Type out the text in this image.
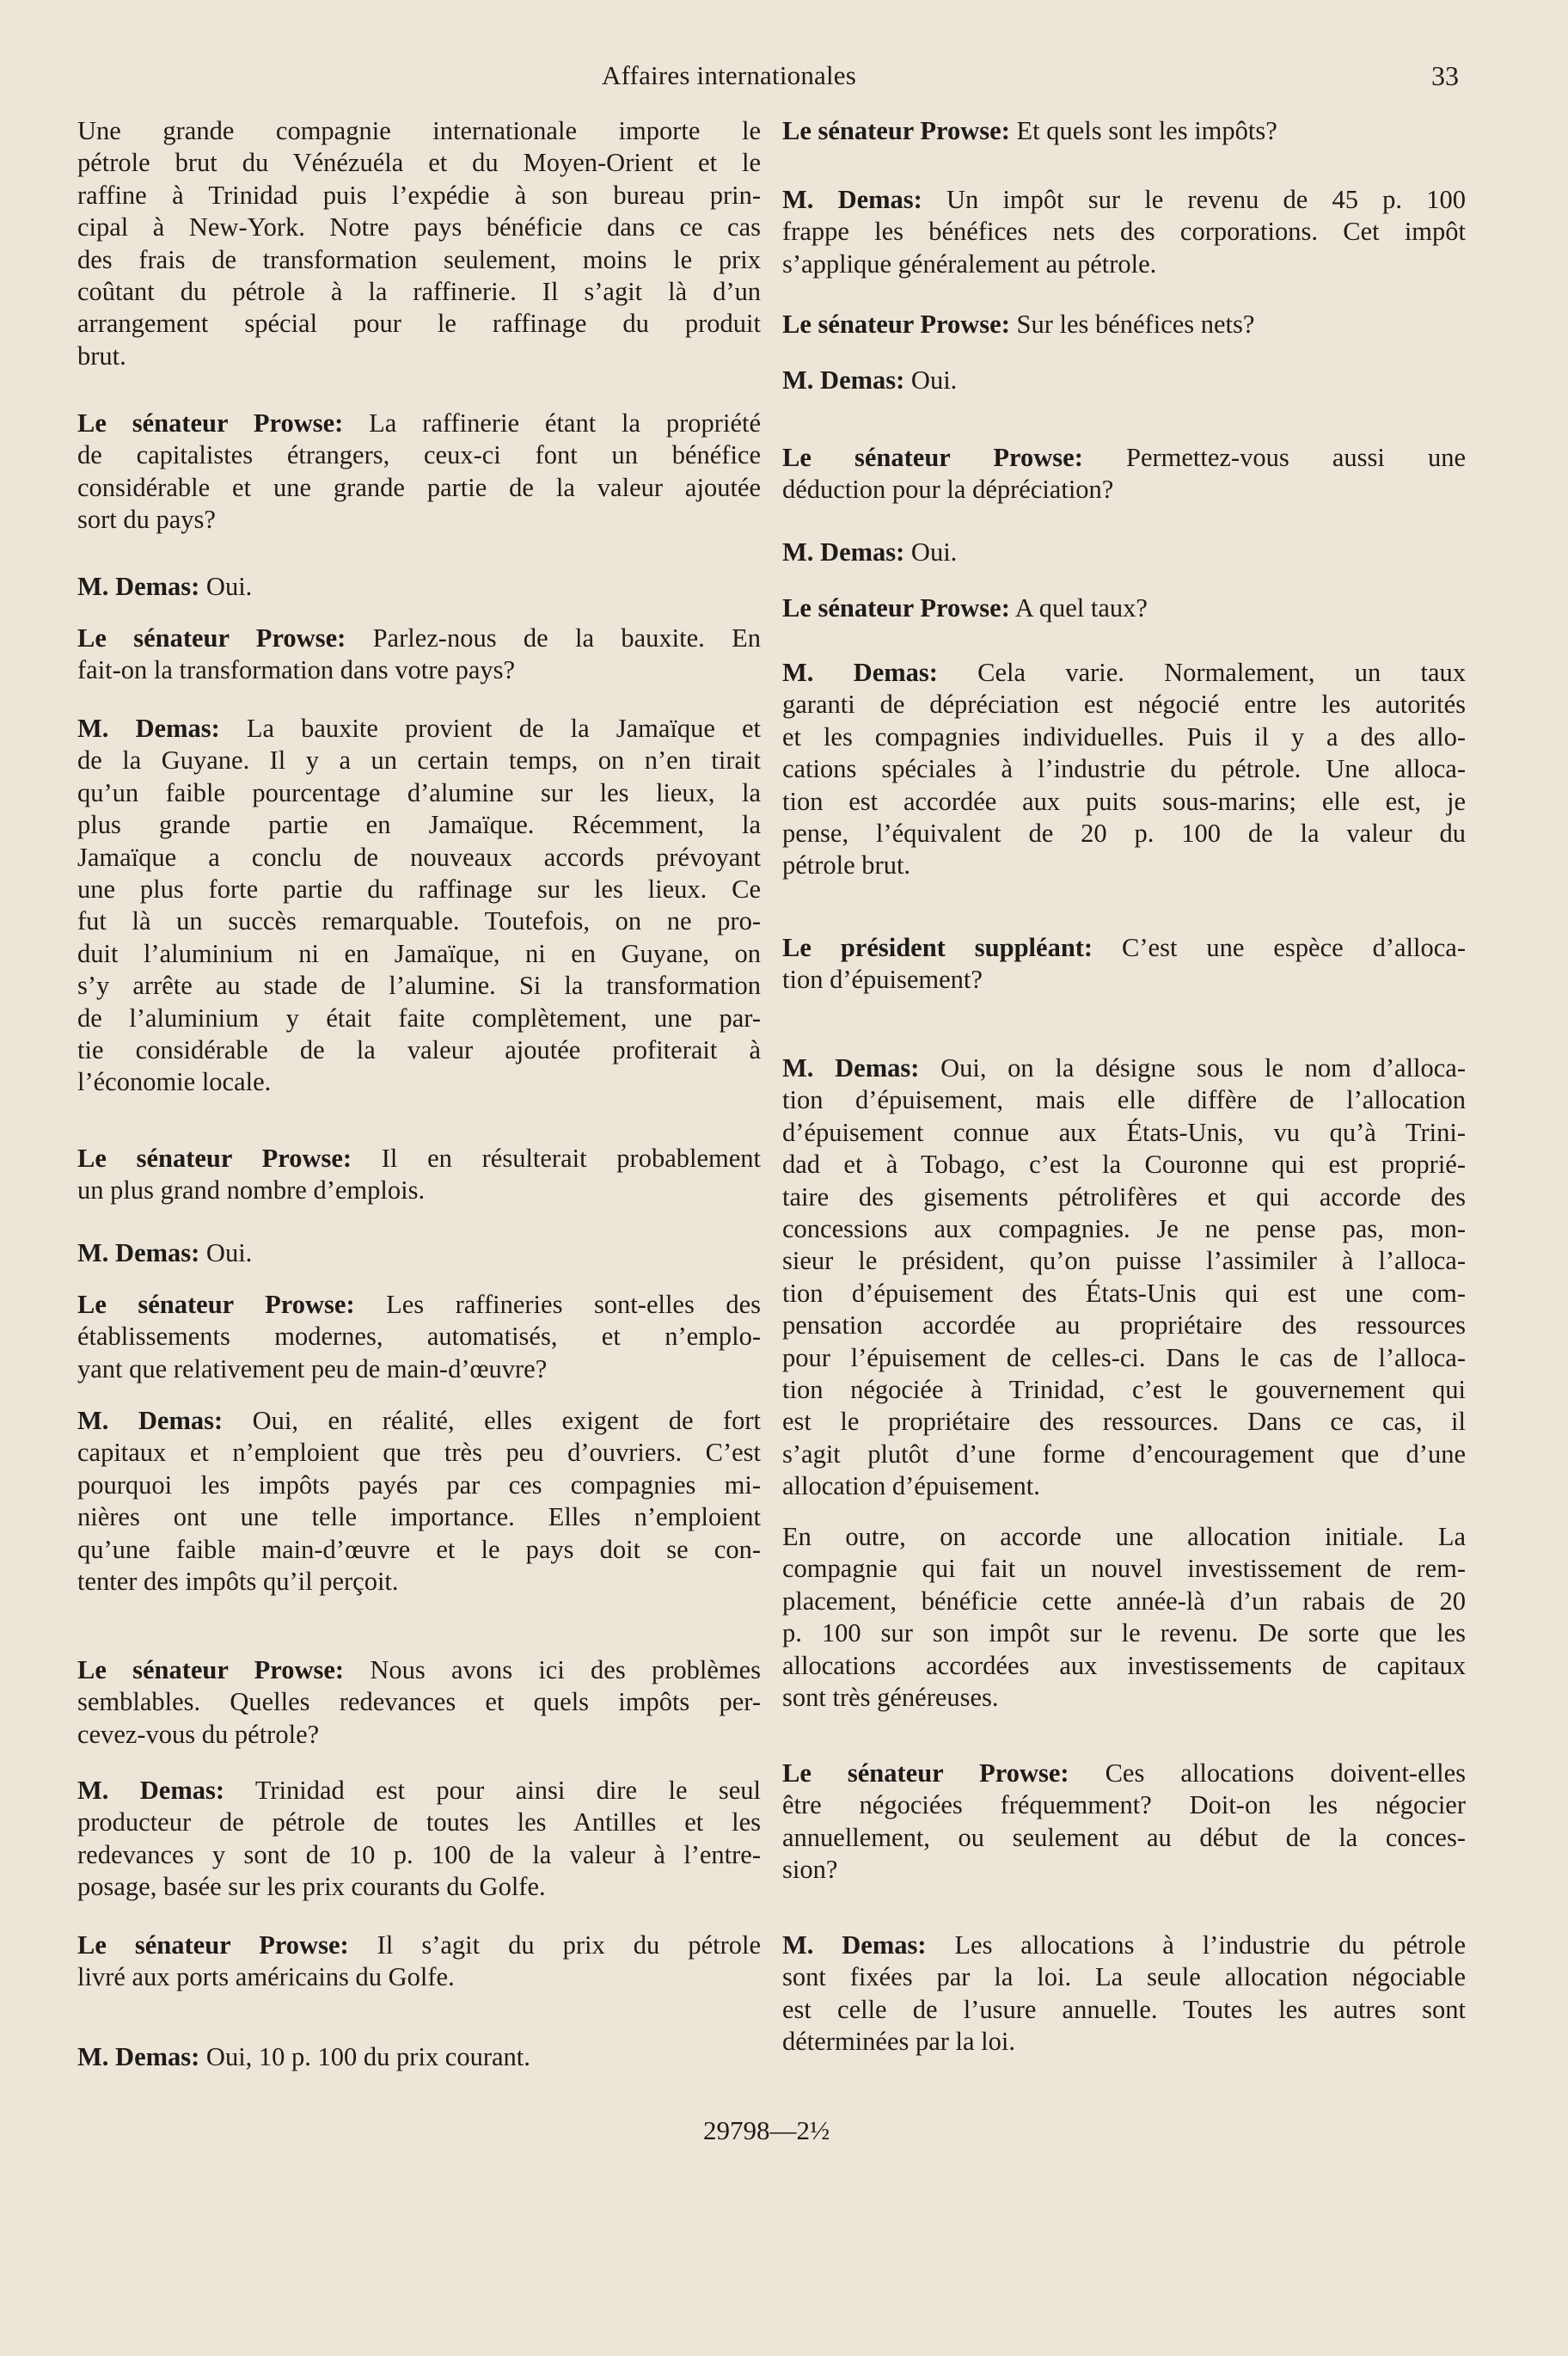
Affaires internationales	33
Une grande compagnie internationale importe le
pétrole brut du Vénézuéla et du Moyen-Orient et le
raffine à Trinidad puis l’expédie à son bureau prin-
cipal à New-York. Notre pays bénéficie dans ce cas
des frais de transformation seulement, moins le prix
coûtant du pétrole à la raffinerie. Il s’agit là d’un
arrangement spécial pour le raffinage du produit
brut.
Le sénateur Prowse: La raffinerie étant la propriété
de capitalistes étrangers, ceux-ci font un bénéfice
considérable et une grande partie de la valeur ajoutée
sort du pays?
M. Demas: Oui.
Le sénateur Prowse: Parlez-nous de la bauxite. En
fait-on la transformation dans votre pays?
M. Demas: La bauxite provient de la Jamaïque et
de la Guyane. Il y a un certain temps, on n’en tirait
qu’un faible pourcentage d’alumine sur les lieux, la
plus grande partie en Jamaïque. Récemment, la
Jamaïque a conclu de nouveaux accords prévoyant
une plus forte partie du raffinage sur les lieux. Ce
fut là un succès remarquable. Toutefois, on ne pro-
duit l’aluminium ni en Jamaïque, ni en Guyane, on
s’y arrête au stade de l’alumine. Si la transformation
de l’aluminium y était faite complètement, une par-
tie considérable de la valeur ajoutée profiterait à
l’économie locale.
Le sénateur Prowse: Il en résulterait probablement
un plus grand nombre d’emplois.
M. Demas: Oui.
Le sénateur Prowse: Les raffineries sont-elles des
établissements modernes, automatisés, et n’emplo-
yant que relativement peu de main-d’œuvre?
M. Demas: Oui, en réalité, elles exigent de fort
capitaux et n’emploient que très peu d’ouvriers. C’est
pourquoi les impôts payés par ces compagnies mi-
nières ont une telle importance. Elles n’emploient
qu’une faible main-d’œuvre et le pays doit se con-
tenter des impôts qu’il perçoit.
Le sénateur Prowse: Nous avons ici des problèmes
semblables. Quelles redevances et quels impôts per-
cevez-vous du pétrole?
M. Demas: Trinidad est pour ainsi dire le seul
producteur de pétrole de toutes les Antilles et les
redevances y sont de 10 p. 100 de la valeur à l’entre-
posage, basée sur les prix courants du Golfe.
Le sénateur Prowse: Il s’agit du prix du pétrole
livré aux ports américains du Golfe.
M. Demas: Oui, 10 p. 100 du prix courant.
Le sénateur Prowse: Et quels sont les impôts?
M. Demas: Un impôt sur le revenu de 45 p. 100
frappe les bénéfices nets des corporations. Cet impôt
s’applique généralement au pétrole.
Le sénateur Prowse: Sur les bénéfices nets?
M. Demas: Oui.
Le sénateur Prowse: Permettez-vous aussi une
déduction pour la dépréciation?
M. Demas: Oui.
Le sénateur Prowse: A quel taux?
M. Demas: Cela varie. Normalement, un taux
garanti de dépréciation est négocié entre les autorités
et les compagnies individuelles. Puis il y a des allo-
cations spéciales à l’industrie du pétrole. Une alloca-
tion est accordée aux puits sous-marins; elle est, je
pense, l’équivalent de 20 p. 100 de la valeur du
pétrole brut.
Le président suppléant: C’est une espèce d’alloca-
tion d’épuisement?
M. Demas: Oui, on la désigne sous le nom d’alloca-
tion d’épuisement, mais elle diffère de l’allocation
d’épuisement connue aux États-Unis, vu qu’à Trini-
dad et à Tobago, c’est la Couronne qui est proprié-
taire des gisements pétrolifères et qui accorde des
concessions aux compagnies. Je ne pense pas, mon-
sieur le président, qu’on puisse l’assimiler à l’alloca-
tion d’épuisement des États-Unis qui est une com-
pensation accordée au propriétaire des ressources
pour l’épuisement de celles-ci. Dans le cas de l’alloca-
tion négociée à Trinidad, c’est le gouvernement qui
est le propriétaire des ressources. Dans ce cas, il
s’agit plutôt d’une forme d’encouragement que d’une
allocation d’épuisement.
En outre, on accorde une allocation initiale. La
compagnie qui fait un nouvel investissement de rem-
placement, bénéficie cette année-là d’un rabais de 20
p. 100 sur son impôt sur le revenu. De sorte que les
allocations accordées aux investissements de capitaux
sont très généreuses.
Le sénateur Prowse: Ces allocations doivent-elles
être négociées fréquemment? Doit-on les négocier
annuellement, ou seulement au début de la conces-
sion?
M. Demas: Les allocations à l’industrie du pétrole
sont fixées par la loi. La seule allocation négociable
est celle de l’usure annuelle. Toutes les autres sont
déterminées par la loi.
29798—2½
